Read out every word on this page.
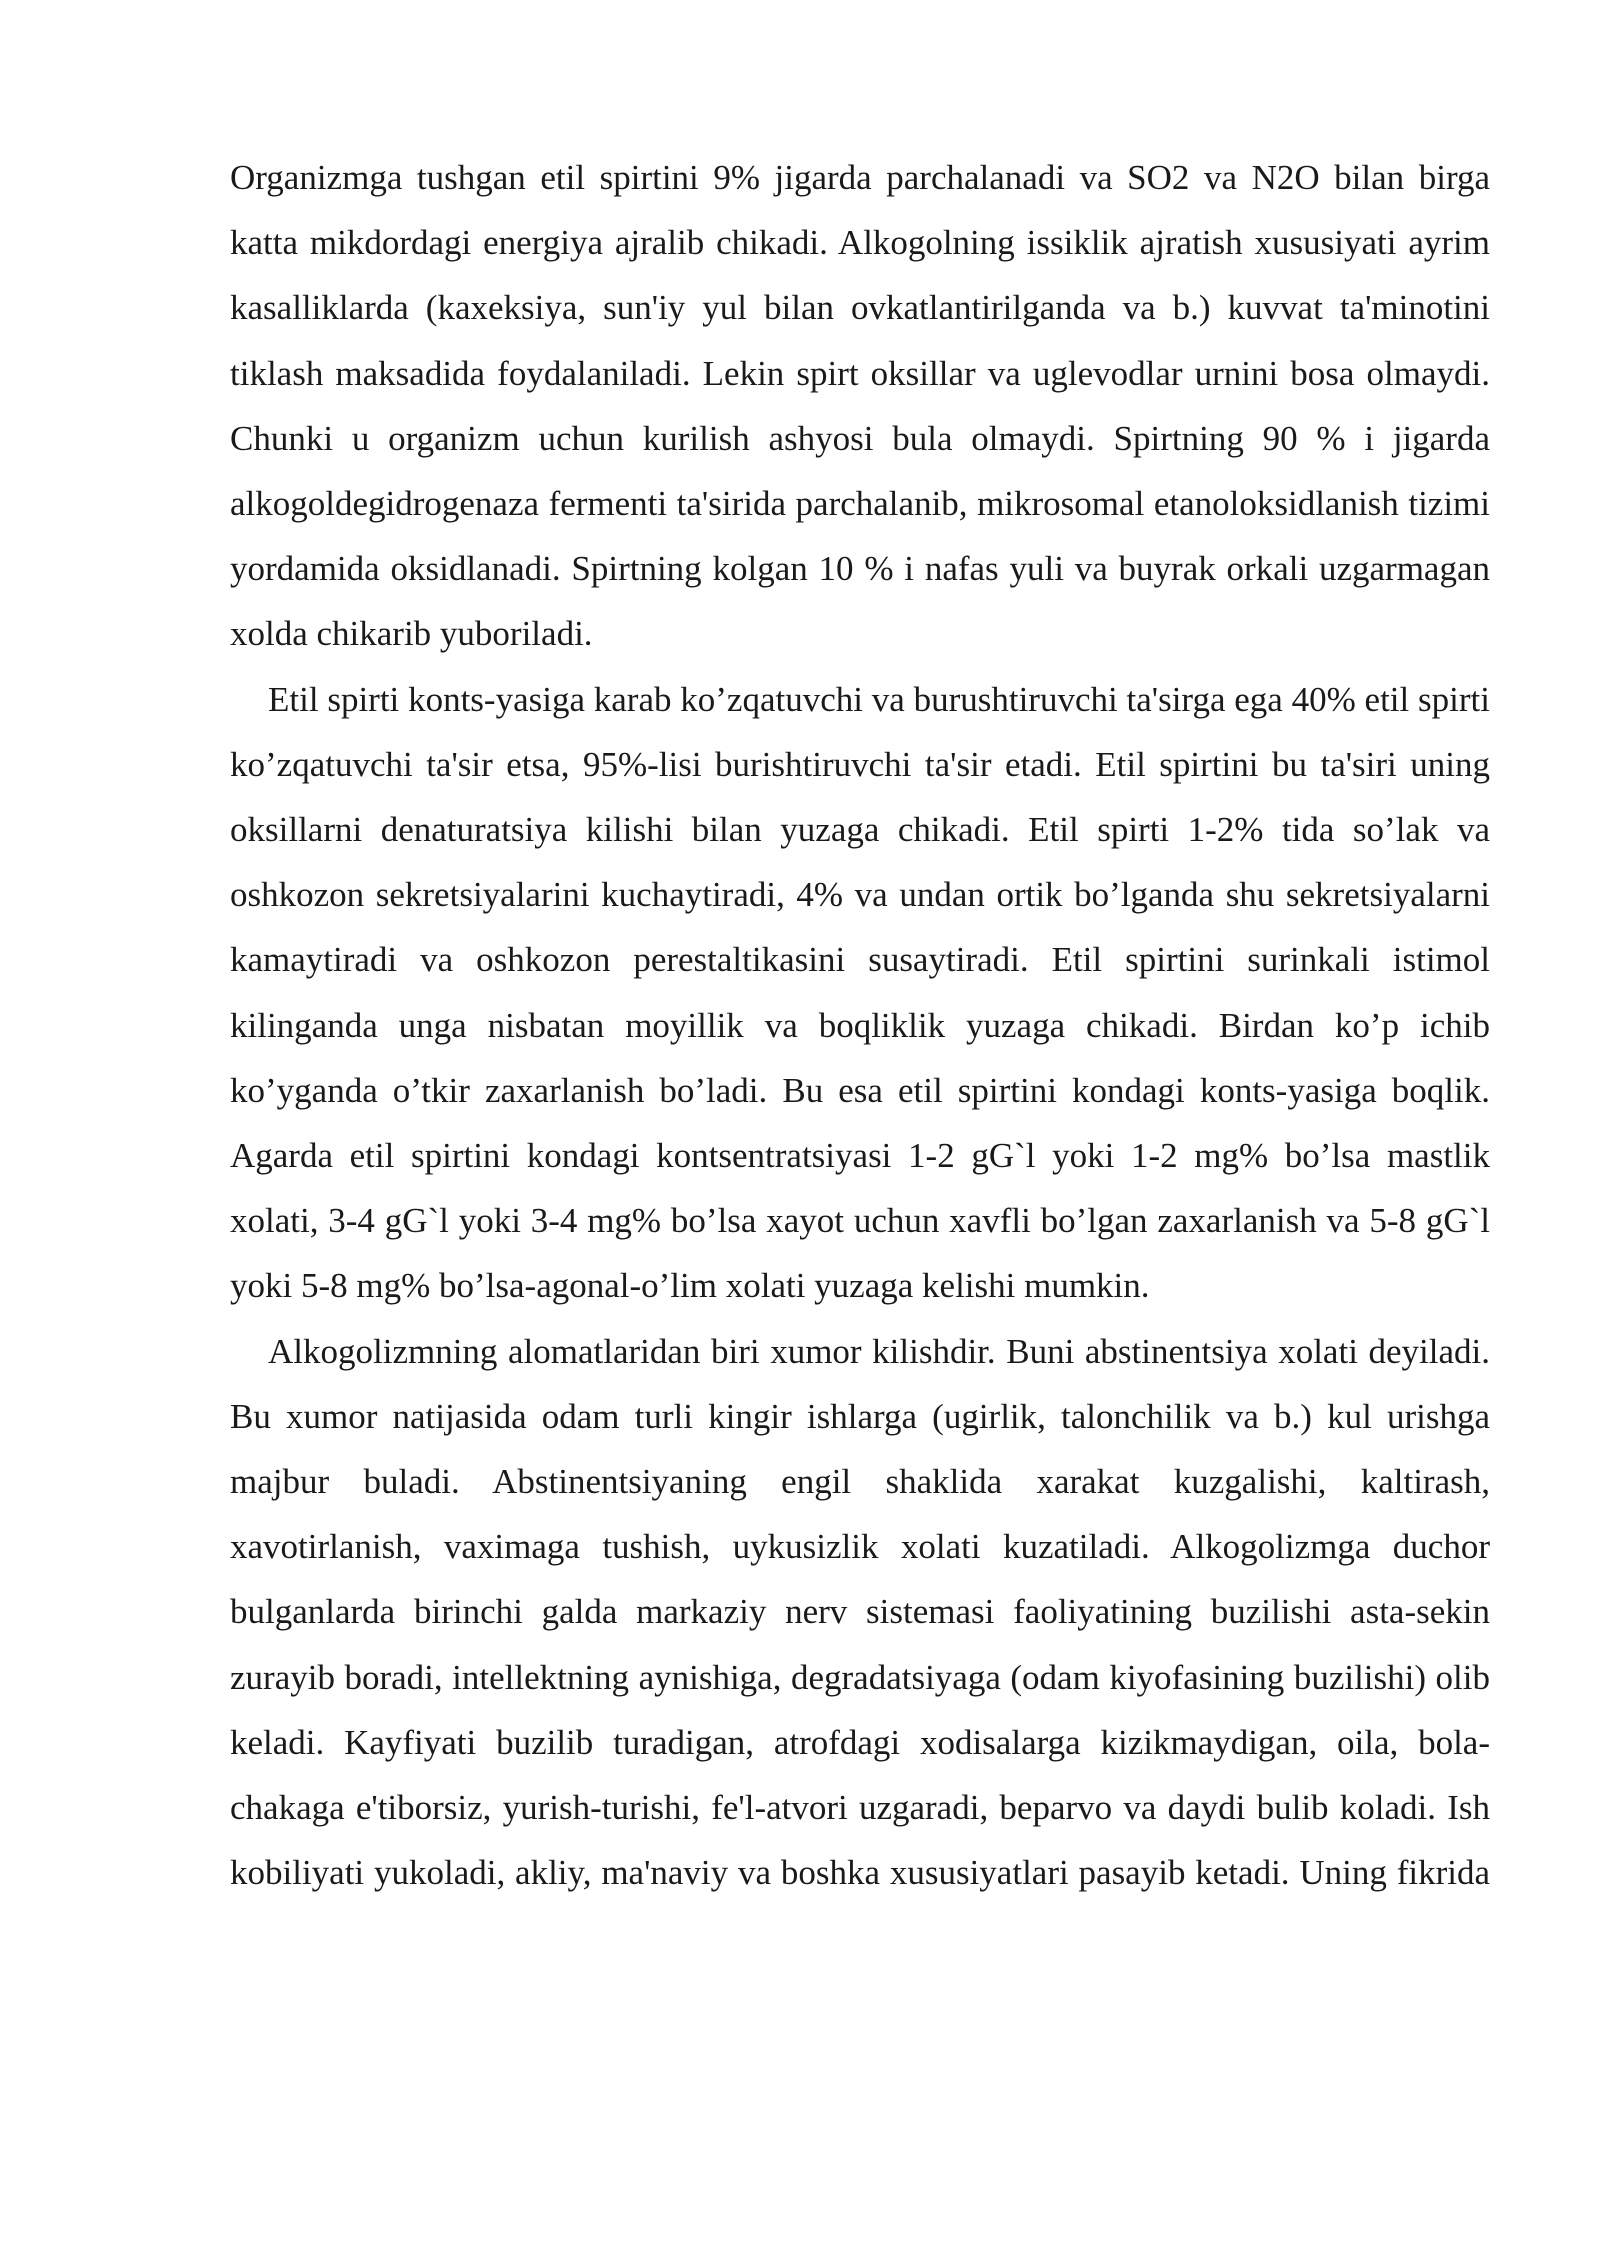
Organizmga tushgan etil spirtini 9% jigarda parchalanadi va SO2 va N2O bilan birga katta mikdordagi energiya ajralib chikadi. Alkogolning issiklik ajratish xususiyati ayrim kasalliklarda (kaxeksiya, sun'iy yul bilan ovkatlantirilganda va b.) kuvvat ta'minotini tiklash maksadida foydalaniladi. Lekin spirt oksillar va uglevodlar urnini bosa olmaydi. Chunki u organizm uchun kurilish ashyosi bula olmaydi. Spirtning 90 % i jigarda alkogoldegidrogenaza fermenti ta'sirida parchalanib, mikrosomal etanoloksidlanish tizimi yordamida oksidlanadi. Spirtning kolgan 10 % i nafas yuli va buyrak orkali uzgarmagan xolda chikarib yuboriladi.

Etil spirti konts-yasiga karab ko’zqatuvchi va burushtiruvchi ta'sirga ega 40% etil spirti ko’zqatuvchi ta'sir etsa, 95%-lisi burishtiruvchi ta'sir etadi. Etil spirtini bu ta'siri uning oksillarni denaturatsiya kilishi bilan yuzaga chikadi. Etil spirti 1-2% tida so’lak va oshkozon sekretsiyalarini kuchaytiradi, 4% va undan ortik bo’lganda shu sekretsiyalarni kamaytiradi va oshkozon perestaltikasini susaytiradi. Etil spirtini surinkali istimol kilinganda unga nisbatan moyillik va boqliklik yuzaga chikadi. Birdan ko’p ichib ko’yganda o’tkir zaxarlanish bo’ladi. Bu esa etil spirtini kondagi konts-yasiga boqlik. Agarda etil spirtini kondagi kontsentratsiyasi 1-2 gG`l yoki 1-2 mg% bo’lsa mastlik xolati, 3-4 gG`l yoki 3-4 mg% bo’lsa xayot uchun xavfli bo’lgan zaxarlanish va 5-8 gG`l yoki 5-8 mg% bo’lsa-agonal-o’lim xolati yuzaga kelishi mumkin.

Alkogolizmning alomatlaridan biri xumor kilishdir. Buni abstinentsiya xolati deyiladi. Bu xumor natijasida odam turli kingir ishlarga (ugirlik, talonchilik va b.) kul urishga majbur buladi. Abstinentsiyaning engil shaklida xarakat kuzgalishi, kaltirash, xavotirlanish, vaximaga tushish, uykusizlik xolati kuzatiladi. Alkogolizmga duchor bulganlarda birinchi galda markaziy nerv sistemasi faoliyatining buzilishi asta-sekin zurayib boradi, intellektning aynishiga, degradatsiyaga (odam kiyofasining buzilishi) olib keladi. Kayfiyati buzilib turadigan, atrofdagi xodisalarga kizikmaydigan, oila, bola-chakaga e'tiborsiz, yurish-turishi, fe'l-atvori uzgaradi, beparvo va daydi bulib koladi. Ish kobiliyati yukoladi, akliy, ma'naviy va boshka xususiyatlari pasayib ketadi. Uning fikrida
